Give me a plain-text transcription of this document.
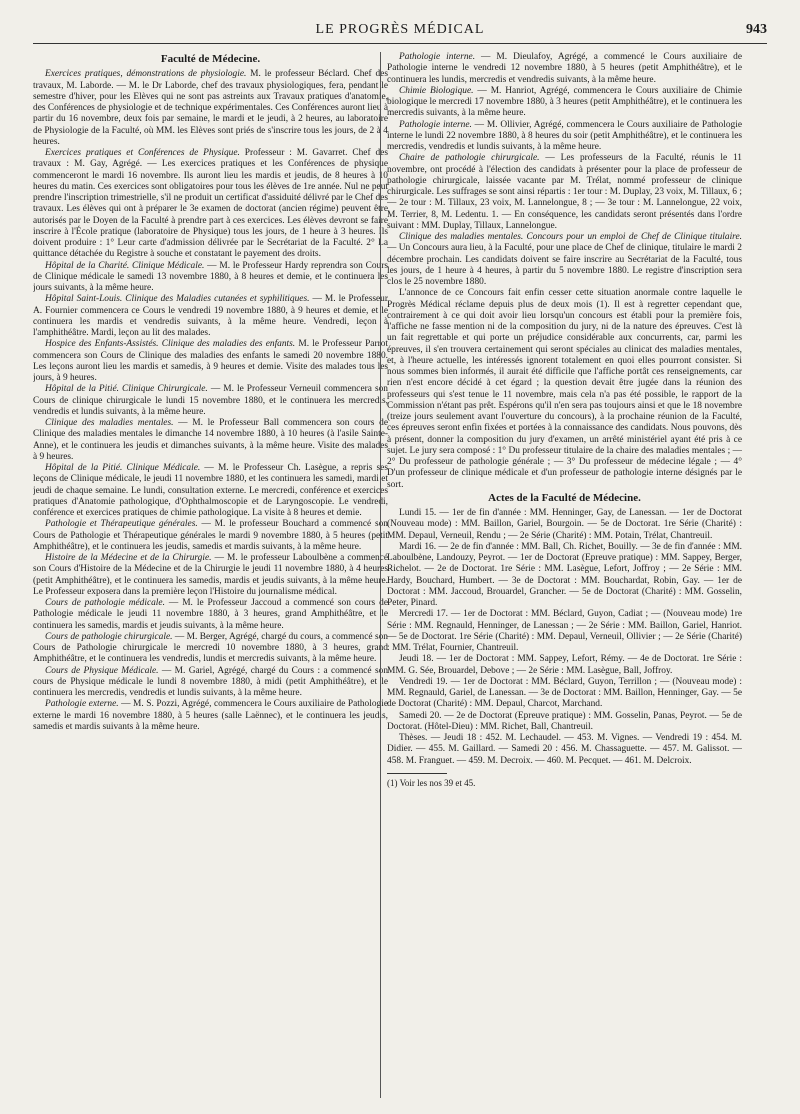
LE PROGRÈS MÉDICAL	943
Faculté de Médecine.

Exercices pratiques, démonstrations de physiologie. M. le professeur Béclard. Chef des travaux, M. Laborde. — M. le Dr Laborde, chef des travaux physiologiques, fera, pendant le semestre d'hiver, pour les Elèves qui ne sont pas astreints aux Travaux pratiques d'anatomie, des Conférences de physiologie et de technique expérimentales. Ces Conférences auront lieu à partir du 16 novembre, deux fois par semaine, le mardi et le jeudi, à 2 heures, au laboratoire de Physiologie de la Faculté, où MM. les Elèves sont priés de s'inscrire tous les jours, de 2 à 4 heures.

Exercices pratiques et Conférences de Physique. Professeur : M. Gavarret. Chef des travaux : M. Gay, Agrégé. — Les exercices pratiques et les Conférences de physique commenceront le mardi 16 novembre. Ils auront lieu les mardis et jeudis, de 8 heures à 10 heures du matin. Ces exercices sont obligatoires pour tous les élèves de 1re année. Nul ne peut prendre l'inscription trimestrielle, s'il ne produit un certificat d'assiduité délivré par le Chef des travaux. Les élèves qui ont à préparer le 3e examen de doctorat (ancien régime) peuvent être autorisés par le Doyen de la Faculté à prendre part à ces exercices. Les élèves devront se faire inscrire à l'École pratique (laboratoire de Physique) tous les jours, de 1 heure à 3 heures. Ils doivent produire : 1° Leur carte d'admission délivrée par le Secrétariat de la Faculté. 2° La quittance détachée du Registre à souche et constatant le payement des droits.

Hôpital de la Charité. Clinique Médicale. — M. le Professeur Hardy reprendra son Cours de Clinique médicale le samedi 13 novembre 1880, à 8 heures et demie, et le continuera les jours suivants, à la même heure.

Hôpital Saint-Louis. Clinique des Maladies cutanées et syphilitiques. — M. le Professeur A. Fournier commencera ce Cours le vendredi 19 novembre 1880, à 9 heures et demie, et le continuera les mardis et vendredis suivants, à la même heure. Vendredi, leçon à l'amphithéâtre. Mardi, leçon au lit des malades.

Hospice des Enfants-Assistés. Clinique des maladies des enfants. M. le Professeur Parrot commencera son Cours de Clinique des maladies des enfants le samedi 20 novembre 1880. Les leçons auront lieu les mardis et samedis, à 9 heures et demie. Visite des malades tous les jours, à 9 heures.

Hôpital de la Pitié. Clinique Chirurgicale. — M. le Professeur Verneuil commencera son Cours de clinique chirurgicale le lundi 15 novembre 1880, et le continuera les mercredis, vendredis et lundis suivants, à la même heure.

Clinique des maladies mentales. — M. le Professeur Ball commencera son cours de Clinique des maladies mentales le dimanche 14 novembre 1880, à 10 heures (à l'asile Sainte-Anne), et le continuera les jeudis et dimanches suivants, à la même heure. Visite des malades à 9 heures.

Hôpital de la Pitié. Clinique Médicale. — M. le Professeur Ch. Lasègue, a repris ses leçons de Clinique médicale, le jeudi 11 novembre 1880, et les continuera les samedi, mardi et jeudi de chaque semaine. Le lundi, consultation externe. Le mercredi, conférence et exercices pratiques d'Anatomie pathologique, d'Ophthalmoscopie et de Laryngoscopie. Le vendredi, conférence et exercices pratiques de chimie pathologique. La visite à 8 heures et demie.

Pathologie et Thérapeutique générales. — M. le professeur Bouchard a commencé son Cours de Pathologie et Thérapeutique générales le mardi 9 novembre 1880, à 5 heures (petit Amphithéâtre), et le continuera les jeudis, samedis et mardis suivants, à la même heure.

Histoire de la Médecine et de la Chirurgie. — M. le professeur Laboulbène a commencé son Cours d'Histoire de la Médecine et de la Chirurgie le jeudi 11 novembre 1880, à 4 heures (petit Amphithéâtre), et le continuera les samedis, mardis et jeudis suivants, à la même heure. Le Professeur exposera dans la première leçon l'Histoire du journalisme médical.

Cours de pathologie médicale. — M. le Professeur Jaccoud a commencé son cours de Pathologie médicale le jeudi 11 novembre 1880, à 3 heures, grand Amphithéâtre, et le continuera les samedis, mardis et jeudis suivants, à la même heure.

Cours de pathologie chirurgicale. — M. Berger, Agrégé, chargé du cours, a commencé son Cours de Pathologie chirurgicale le mercredi 10 novembre 1880, à 3 heures, grand Amphithéâtre, et le continuera les vendredis, lundis et mercredis suivants, à la même heure.

Cours de Physique Médicale. — M. Gariel, Agrégé, chargé du Cours : a commencé son cours de Physique médicale le lundi 8 novembre 1880, à midi (petit Amphithéâtre), et le continuera les mercredis, vendredis et lundis suivants, à la même heure.

Pathologie externe. — M. S. Pozzi, Agrégé, commencera le Cours auxiliaire de Pathologie externe le mardi 16 novembre 1880, à 5 heures (salle Laënnec), et le continuera les jeudis, samedis et mardis suivants à la même heure.

Pathologie interne. — M. Dieulafoy, Agrégé, a commencé le Cours auxiliaire de Pathologie interne le vendredi 12 novembre 1880, à 5 heures (petit Amphithéâtre), et le continuera les lundis, mercredis et vendredis suivants, à la même heure.

Chimie Biologique. — M. Hanriot, Agrégé, commencera le Cours auxiliaire de Chimie biologique le mercredi 17 novembre 1880, à 3 heures (petit Amphithéâtre), et le continuera les mercredis suivants, à la même heure.

Pathologie interne. — M. Ollivier, Agrégé, commencera le Cours auxiliaire de Pathologie interne le lundi 22 novembre 1880, à 8 heures du soir (petit Amphithéâtre), et le continuera les mercredis, vendredis et lundis suivants, à la même heure.

Chaire de pathologie chirurgicale. — Les professeurs de la Faculté, réunis le 11 novembre, ont procédé à l'élection des candidats à présenter pour la place de professeur de pathologie chirurgicale, laissée vacante par M. Trélat, nommé professeur de clinique chirurgicale. Les suffrages se sont ainsi répartis : 1er tour : M. Duplay, 23 voix, M. Tillaux, 6 ; — 2e tour : M. Tillaux, 23 voix, M. Lannelongue, 8 ; — 3e tour : M. Lannelongue, 22 voix, M. Terrier, 8, M. Ledentu. 1. — En conséquence, les candidats seront présentés dans l'ordre suivant : MM. Duplay, Tillaux, Lannelongue.

Clinique des maladies mentales. Concours pour un emploi de Chef de Clinique titulaire. — Un Concours aura lieu, à la Faculté, pour une place de Chef de clinique, titulaire le mardi 2 décembre prochain. Les candidats doivent se faire inscrire au Secrétariat de la Faculté, tous les jours, de 1 heure à 4 heures, à partir du 5 novembre 1880. Le registre d'inscription sera clos le 25 novembre 1880.

L'annonce de ce Concours fait enfin cesser cette situation anormale contre laquelle le Progrès Médical réclame depuis plus de deux mois (1). Il est à regretter cependant que, contrairement à ce qui doit avoir lieu lorsqu'un concours est établi pour la première fois, l'affiche ne fasse mention ni de la composition du jury, ni de la nature des épreuves. C'est là un fait regrettable et qui porte un préjudice considérable aux concurrents, car, parmi les épreuves, il s'en trouvera certainement qui seront spéciales au clinicat des maladies mentales, et, à l'heure actuelle, les intéressés ignorent totalement en quoi elles pourront consister. Si nous sommes bien informés, il aurait été difficile que l'affiche portât ces renseignements, car rien n'est encore décidé à cet égard ; la question devait être jugée dans la réunion des professeurs qui s'est tenue le 11 novembre, mais cela n'a pas été possible, le rapport de la Commission n'étant pas prêt. Espérons qu'il n'en sera pas toujours ainsi et que le 18 novembre (treize jours seulement avant l'ouverture du concours), à la prochaine réunion de la Faculté, ces épreuves seront enfin fixées et portées à la connaissance des candidats. Nous pouvons, dès à présent, donner la composition du jury d'examen, un arrêté ministériel ayant été pris à ce sujet. Le jury sera composé : 1° Du professeur titulaire de la chaire des maladies mentales ; — 2° Du professeur de pathologie générale ; — 3° Du professeur de médecine légale ; — 4° D'un professeur de clinique médicale et d'un professeur de pathologie interne désignés par le sort.

Actes de la Faculté de Médecine.

Lundi 15. — 1er de fin d'année : MM. Henninger, Gay, de Lanessan. — 1er de Doctorat (Nouveau mode) : MM. Baillon, Gariel, Bourgoin. — 5e de Doctorat. 1re Série (Charité) : MM. Depaul, Verneuil, Rendu ; — 2e Série (Charité) : MM. Potain, Trélat, Chantreuil.

Mardi 16. — 2e de fin d'année : MM. Ball, Ch. Richet, Bouilly. — 3e de fin d'année : MM. Laboulbène, Landouzy, Peyrot. — 1er de Doctorat (Epreuve pratique) : MM. Sappey, Berger, Richelot. — 2e de Doctorat. 1re Série : MM. Lasègue, Lefort, Joffroy ; — 2e Série : MM. Hardy, Bouchard, Humbert. — 3e de Doctorat : MM. Bouchardat, Robin, Gay. — 1er de Doctorat : MM. Jaccoud, Brouardel, Grancher. — 5e de Doctorat (Charité) : MM. Gosselin, Peter, Pinard.

Mercredi 17. — 1er de Doctorat : MM. Béclard, Guyon, Cadiat ; — (Nouveau mode) 1re Série : MM. Regnauld, Henninger, de Lanessan ; — 2e Série : MM. Baillon, Gariel, Hanriot. — 5e de Doctorat. 1re Série (Charité) : MM. Depaul, Verneuil, Ollivier ; — 2e Série (Charité) : MM. Trélat, Fournier, Chantreuil.

Jeudi 18. — 1er de Doctorat : MM. Sappey, Lefort, Rémy. — 4e de Doctorat. 1re Série : MM. G. Sée, Brouardel, Debove ; — 2e Série : MM. Lasègue, Ball, Joffroy.

Vendredi 19. — 1er de Doctorat : MM. Béclard, Guyon, Terrillon ; — (Nouveau mode) : MM. Regnauld, Gariel, de Lanessan. — 3e de Doctorat : MM. Baillon, Henninger, Gay. — 5e de Doctorat (Charité) : MM. Depaul, Charcot, Marchand.

Samedi 20. — 2e de Doctorat (Epreuve pratique) : MM. Gosselin, Panas, Peyrot. — 5e de Doctorat. (Hôtel-Dieu) : MM. Richet, Ball, Chantreuil.

Thèses. — Jeudi 18 : 452. M. Lechaudel. — 453. M. Vignes. — Vendredi 19 : 454. M. Didier. — 455. M. Gaillard. — Samedi 20 : 456. M. Chassaguette. — 457. M. Galissot. — 458. M. Franguet. — 459. M. Decroix. — 460. M. Pecquet. — 461. M. Delcroix.

(1) Voir les nos 39 et 45.
